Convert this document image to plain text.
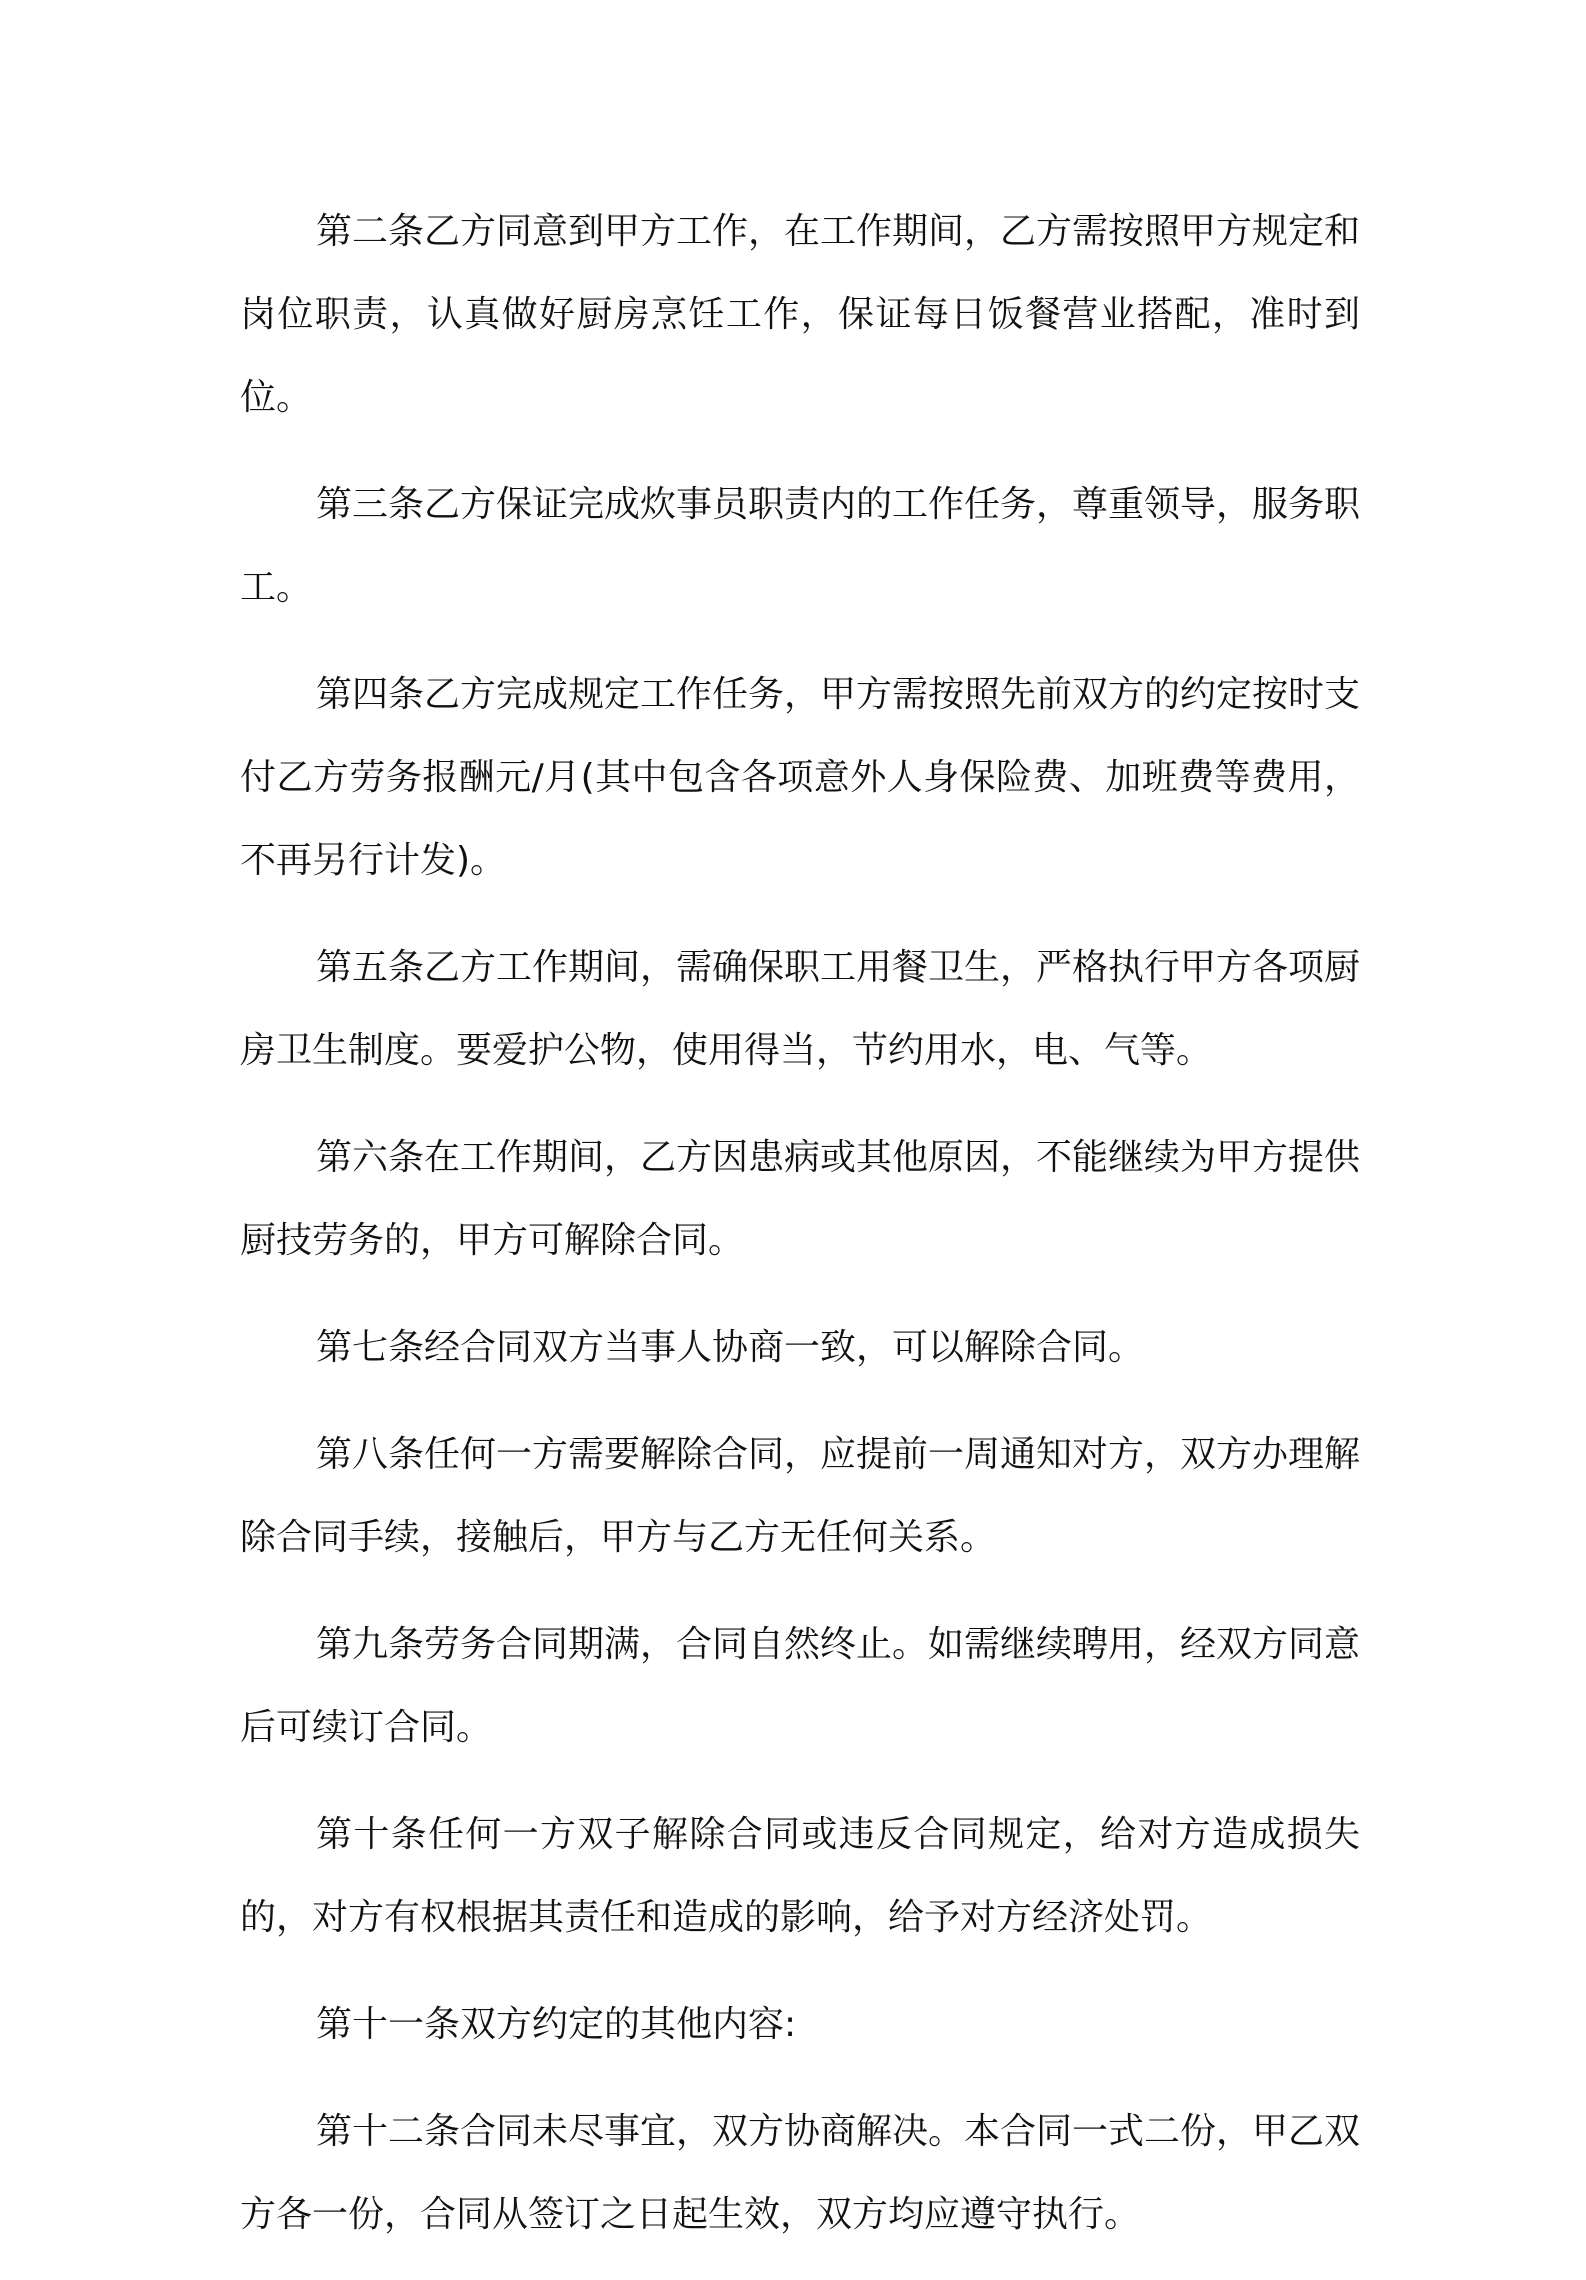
第二条乙方同意到甲方工作，在工作期间，乙方需按照甲方规定和岗位职责，认真做好厨房烹饪工作，保证每日饭餐营业搭配，准时到位。

第三条乙方保证完成炊事员职责内的工作任务，尊重领导，服务职工。

第四条乙方完成规定工作任务，甲方需按照先前双方的约定按时支付乙方劳务报酬元/月(其中包含各项意外人身保险费、加班费等费用，不再另行计发)。

第五条乙方工作期间，需确保职工用餐卫生，严格执行甲方各项厨房卫生制度。要爱护公物，使用得当，节约用水，电、气等。

第六条在工作期间，乙方因患病或其他原因，不能继续为甲方提供厨技劳务的，甲方可解除合同。

第七条经合同双方当事人协商一致，可以解除合同。

第八条任何一方需要解除合同，应提前一周通知对方，双方办理解除合同手续，接触后，甲方与乙方无任何关系。

第九条劳务合同期满，合同自然终止。如需继续聘用，经双方同意后可续订合同。

第十条任何一方双子解除合同或违反合同规定，给对方造成损失的，对方有权根据其责任和造成的影响，给予对方经济处罚。

第十一条双方约定的其他内容:

第十二条合同未尽事宜，双方协商解决。本合同一式二份，甲乙双方各一份，合同从签订之日起生效，双方均应遵守执行。
